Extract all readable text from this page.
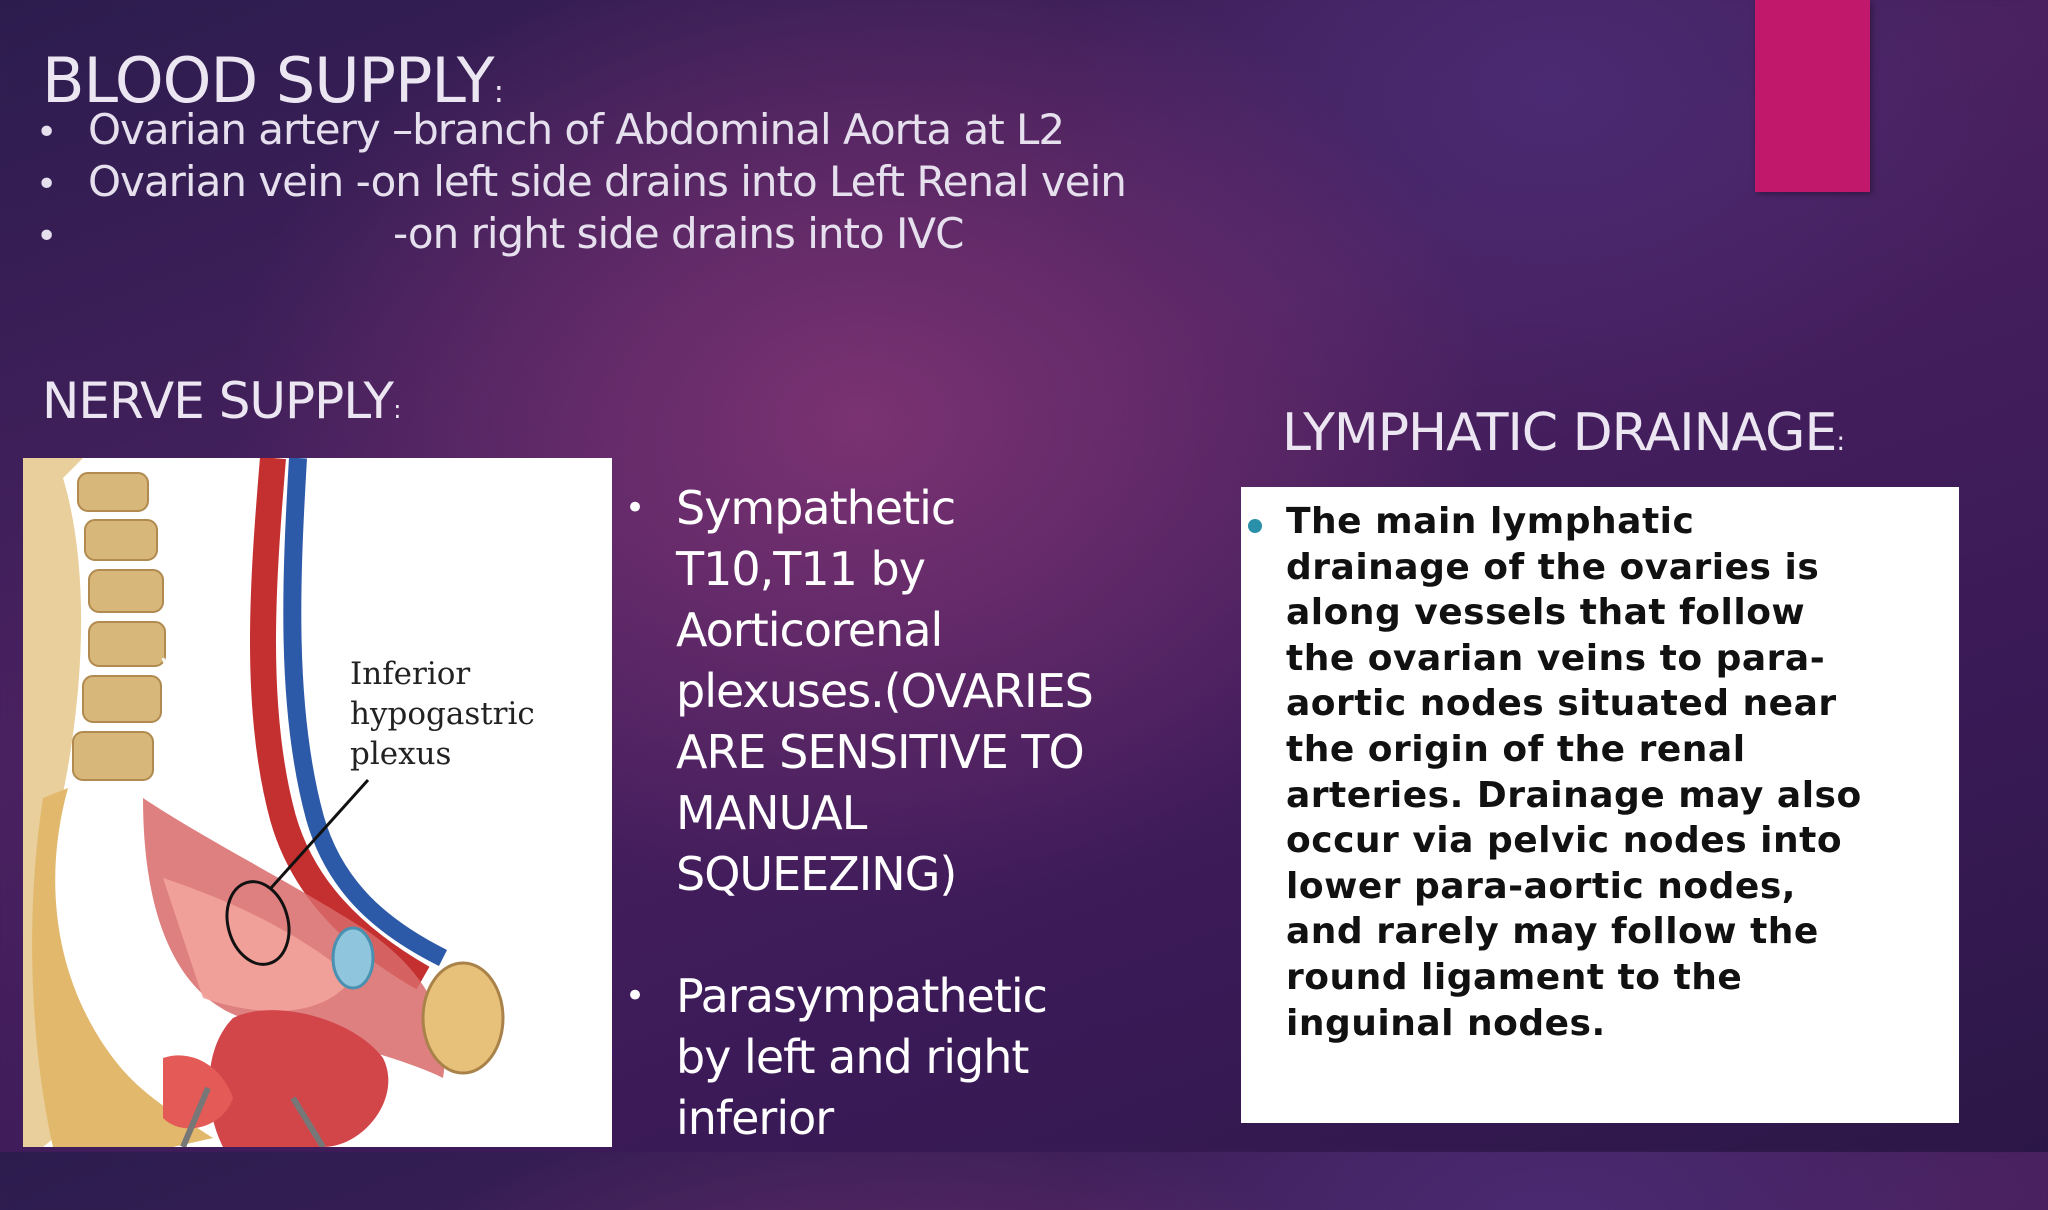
BLOOD SUPPLY:
• Ovarian artery –branch of Abdominal Aorta at L2
• Ovarian vein -on left side drains into Left Renal vein
•	-on right side drains into IVC
NERVE SUPPLY:
Inferior
hypogastric
plexus
• Sympathetic T10,T11 by Aorticorenal plexuses.(OVARIES ARE SENSITIVE TO MANUAL SQUEEZING)
• Parasympathetic by left and right inferior
LYMPHATIC DRAINAGE:

The main lymphatic
drainage of the ovaries is
along vessels that follow
the ovarian veins to para-
aortic nodes situated near
the origin of the renal
arteries. Drainage may also
occur via pelvic nodes into
lower para-aortic nodes,
and rarely may follow the
round ligament to the
inguinal nodes.
